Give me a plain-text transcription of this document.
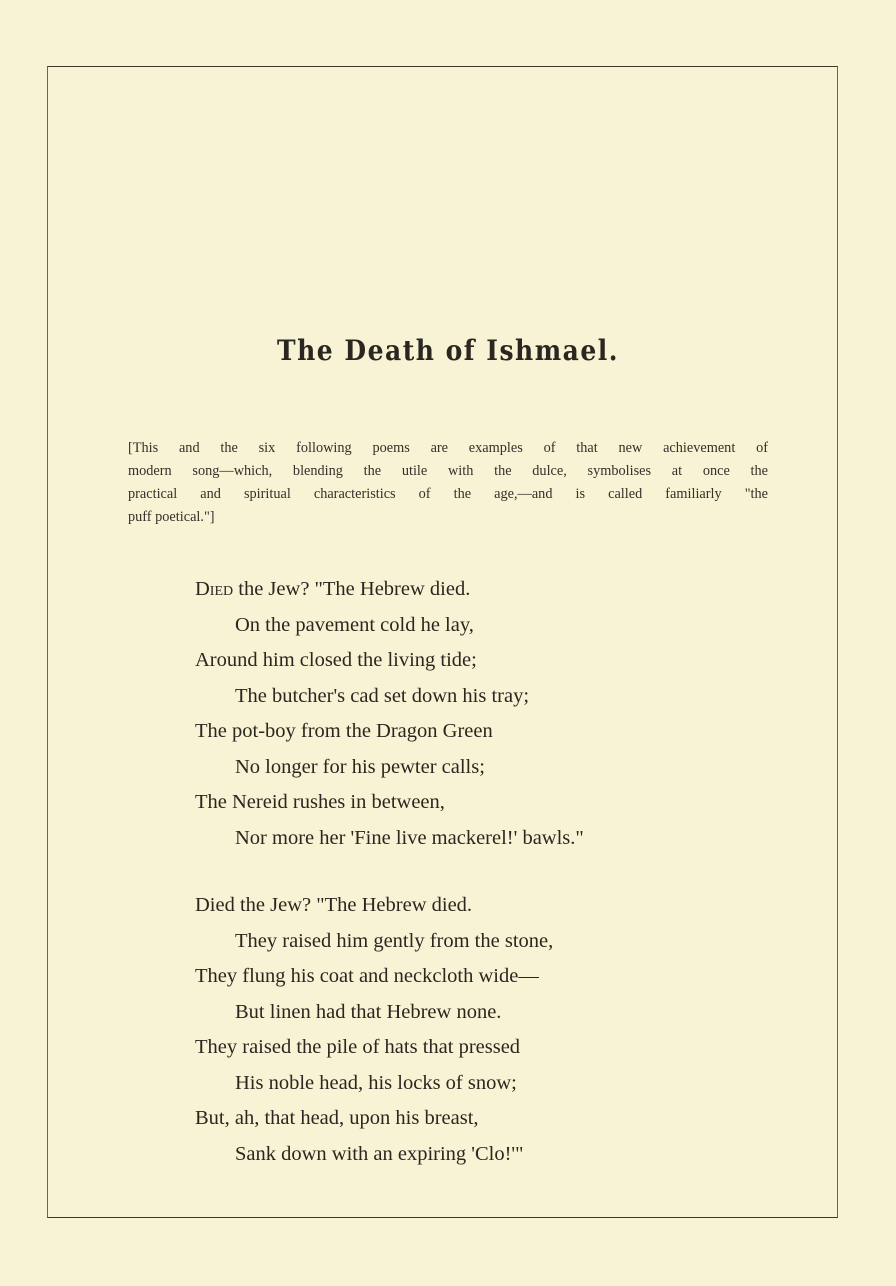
The Death of Ishmael.
[This and the six following poems are examples of that new achievement of
modern song—which, blending the utile with the dulce, symbolises at once the
practical and spiritual characteristics of the age,—and is called familiarly "the
puff poetical."]
Died the Jew? "The Hebrew died.
On the pavement cold he lay,
Around him closed the living tide;
The butcher's cad set down his tray;
The pot-boy from the Dragon Green
No longer for his pewter calls;
The Nereid rushes in between,
Nor more her 'Fine live mackerel!' bawls."
Died the Jew? "The Hebrew died.
They raised him gently from the stone,
They flung his coat and neckcloth wide—
But linen had that Hebrew none.
They raised the pile of hats that pressed
His noble head, his locks of snow;
But, ah, that head, upon his breast,
Sank down with an expiring 'Clo!'"
